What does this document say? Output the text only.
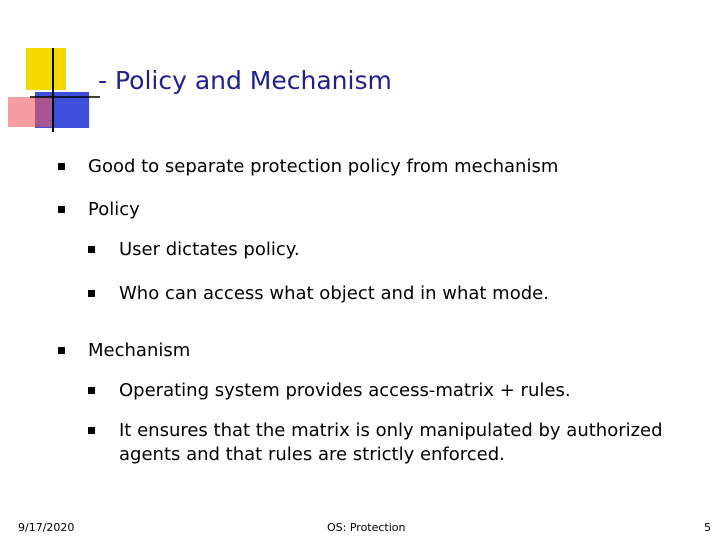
- Policy and Mechanism
Good to separate protection policy from mechanism
Policy
User dictates policy.
Who can access what object and in what mode.
Mechanism
Operating system provides access-matrix + rules.
It ensures that the matrix is only manipulated by authorized agents and that rules are strictly enforced.
9/17/2020	OS: Protection	5
